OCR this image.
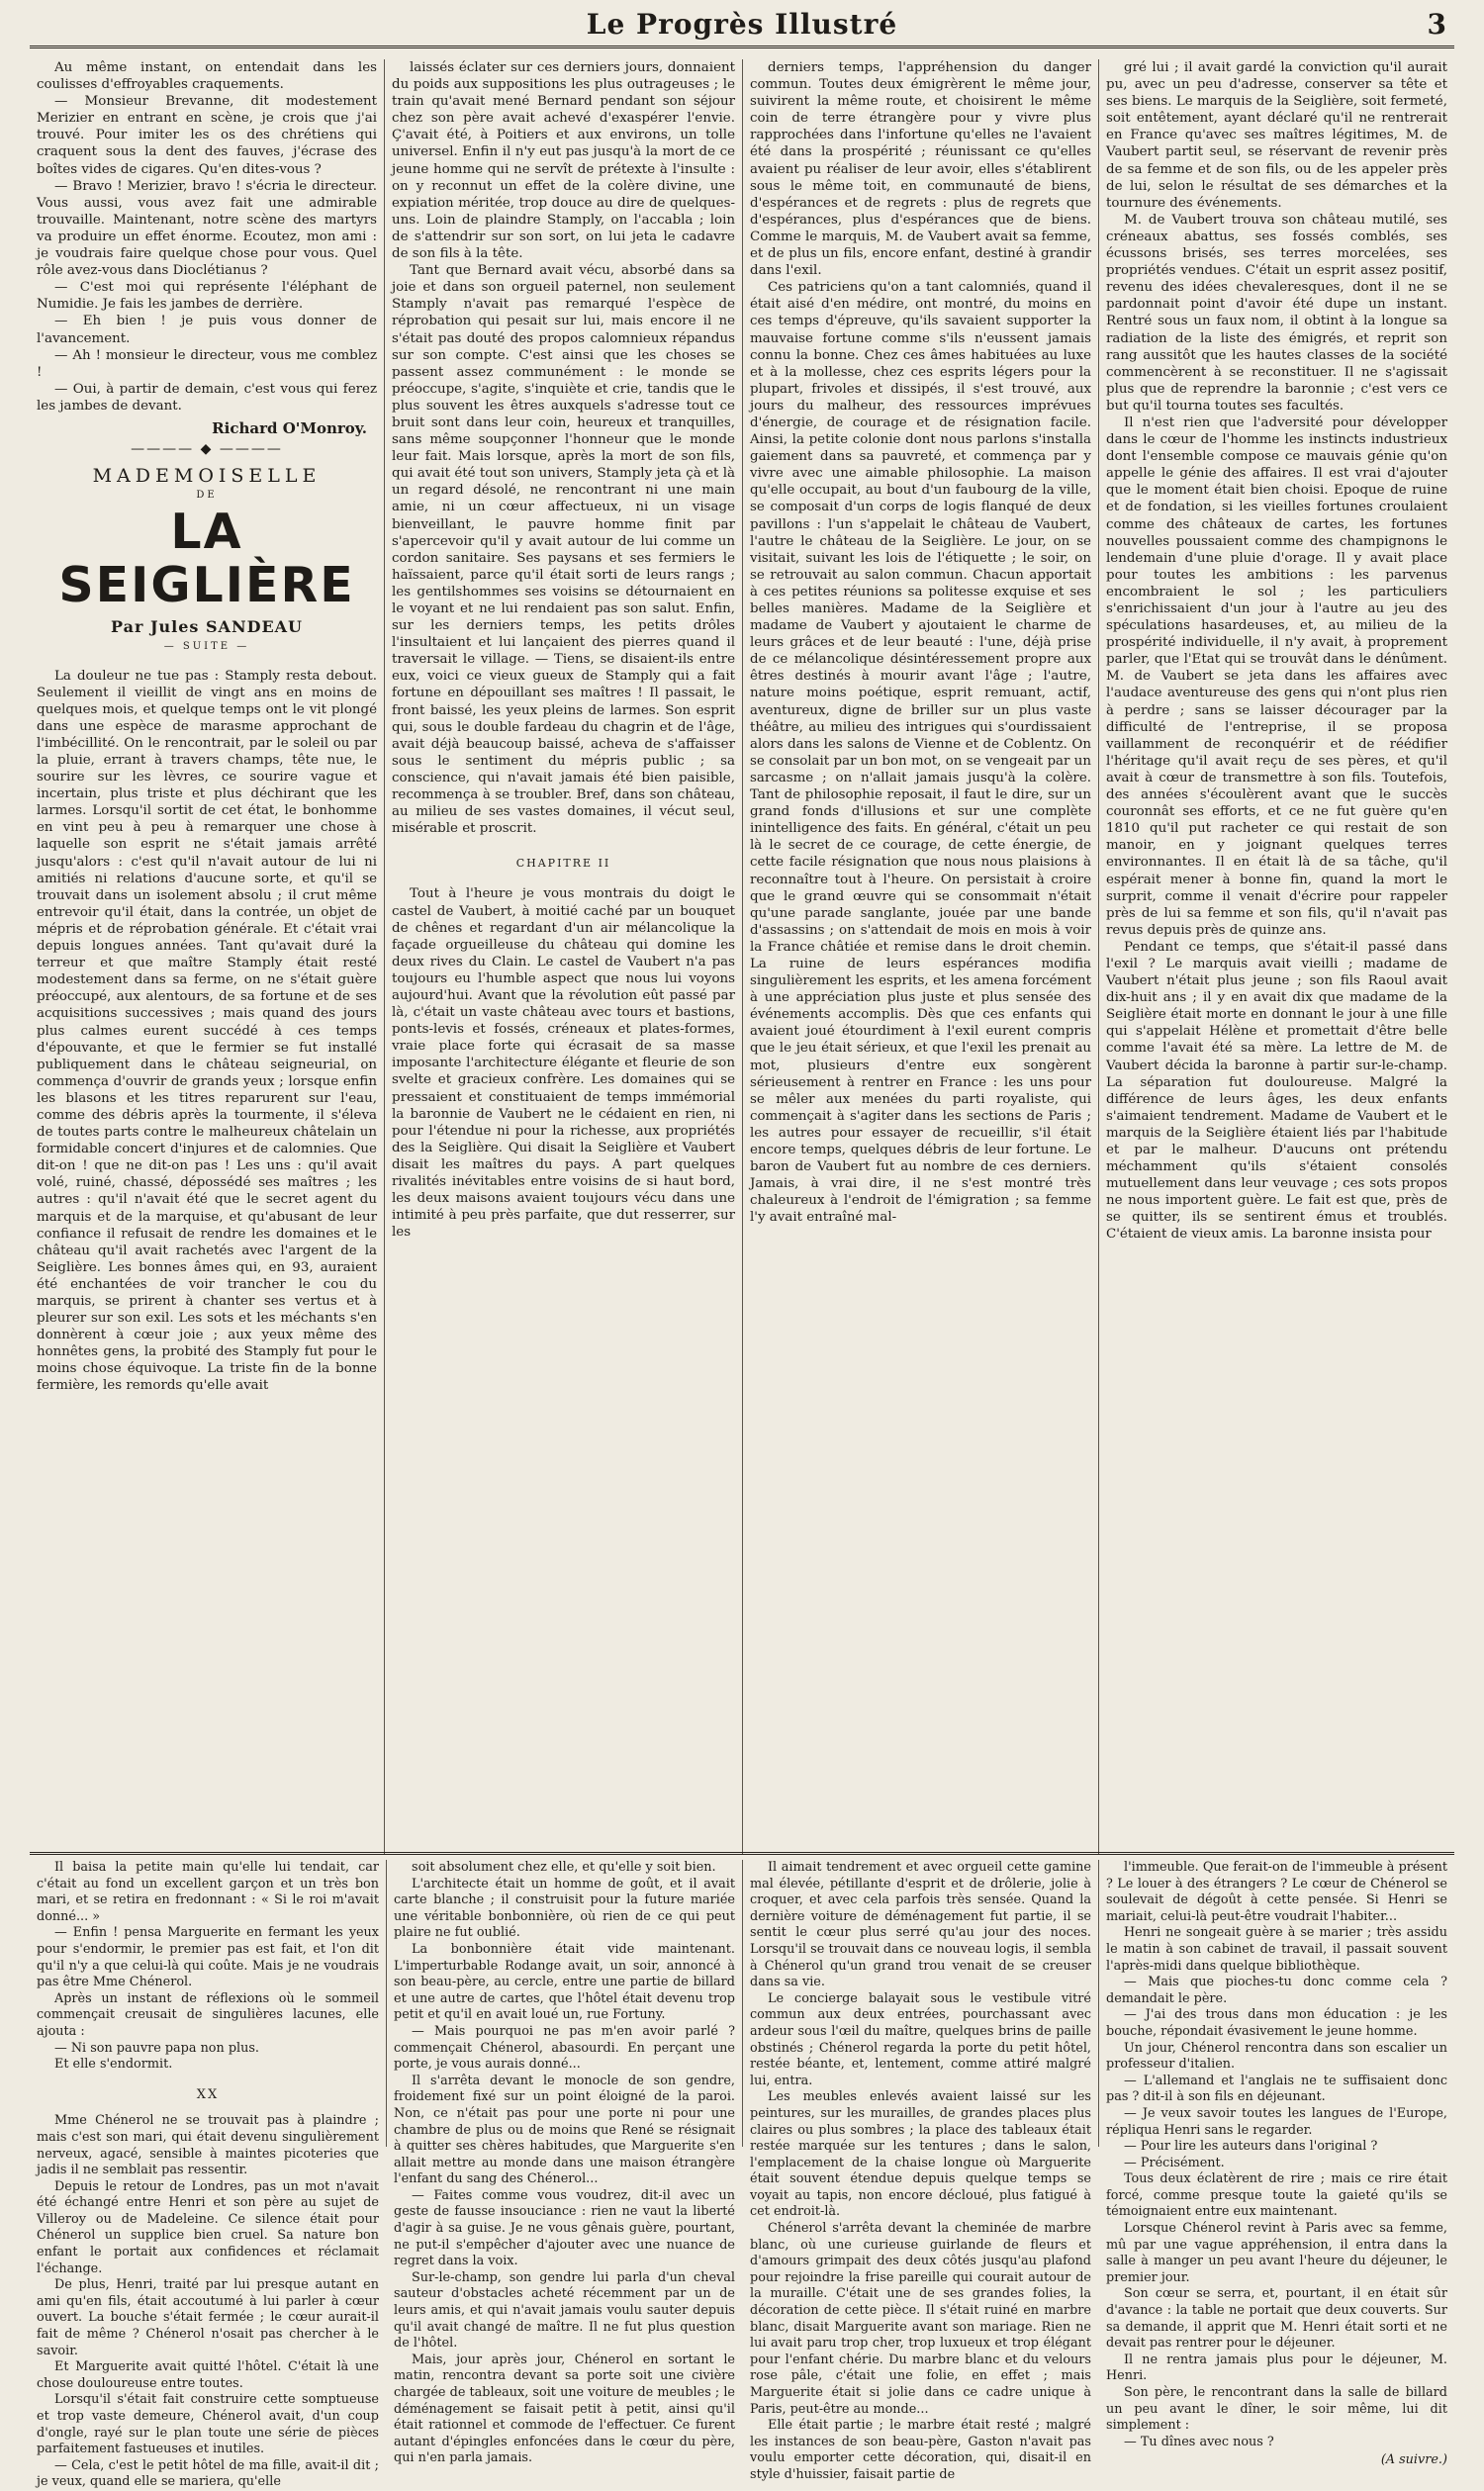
Le Progrès Illustré	3

Au même instant, on entendait dans les coulisses d'effroyables craquements.

— Monsieur Brevanne, dit modestement Merizier en entrant en scène, je crois que j'ai trouvé. Pour imiter les os des chrétiens qui craquent sous la dent des fauves, j'écrase des boîtes vides de cigares. Qu'en dites-vous ?

— Bravo ! Merizier, bravo ! s'écria le directeur. Vous aussi, vous avez fait une admirable trouvaille. Maintenant, notre scène des martyrs va produire un effet énorme. Ecoutez, mon ami : je voudrais faire quelque chose pour vous. Quel rôle avez-vous dans Dioclétianus ?

— C'est moi qui représente l'éléphant de Numidie. Je fais les jambes de derrière.

— Eh bien ! je puis vous donner de l'avancement.

— Ah ! monsieur le directeur, vous me comblez !

— Oui, à partir de demain, c'est vous qui ferez les jambes de devant.

Richard O'Monroy.
———— ◆ ————
MADEMOISELLE
DE
LA SEIGLIÈRE
Par Jules SANDEAU
— SUITE —

La douleur ne tue pas : Stamply resta debout. Seulement il vieillit de vingt ans en moins de quelques mois, et quelque temps ont le vit plongé dans une espèce de marasme approchant de l'imbécillité. On le rencontrait, par le soleil ou par la pluie, errant à travers champs, tête nue, le sourire sur les lèvres, ce sourire vague et incertain, plus triste et plus déchirant que les larmes. Lorsqu'il sortit de cet état, le bonhomme en vint peu à peu à remarquer une chose à laquelle son esprit ne s'était jamais arrêté jusqu'alors : c'est qu'il n'avait autour de lui ni amitiés ni relations d'aucune sorte, et qu'il se trouvait dans un isolement absolu ; il crut même entrevoir qu'il était, dans la contrée, un objet de mépris et de réprobation générale. Et c'était vrai depuis longues années. Tant qu'avait duré la terreur et que maître Stamply était resté modestement dans sa ferme, on ne s'était guère préoccupé, aux alentours, de sa fortune et de ses acquisitions successives ; mais quand des jours plus calmes eurent succédé à ces temps d'épouvante, et que le fermier se fut installé publiquement dans le château seigneurial, on commença d'ouvrir de grands yeux ; lorsque enfin les blasons et les titres reparurent sur l'eau, comme des débris après la tourmente, il s'éleva de toutes parts contre le malheureux châtelain un formidable concert d'injures et de calomnies. Que dit-on ! que ne dit-on pas ! Les uns : qu'il avait volé, ruiné, chassé, dépossédé ses maîtres ; les autres : qu'il n'avait été que le secret agent du marquis et de la marquise, et qu'abusant de leur confiance il refusait de rendre les domaines et le château qu'il avait rachetés avec l'argent de la Seiglière. Les bonnes âmes qui, en 93, auraient été enchantées de voir trancher le cou du marquis, se prirent à chanter ses vertus et à pleurer sur son exil. Les sots et les méchants s'en donnèrent à cœur joie ; aux yeux même des honnêtes gens, la probité des Stamply fut pour le moins chose équivoque. La triste fin de la bonne fermière, les remords qu'elle avait

laissés éclater sur ces derniers jours, donnaient du poids aux suppositions les plus outrageuses ; le train qu'avait mené Bernard pendant son séjour chez son père avait achevé d'exaspérer l'envie. Ç'avait été, à Poitiers et aux environs, un tolle universel. Enfin il n'y eut pas jusqu'à la mort de ce jeune homme qui ne servît de prétexte à l'insulte : on y reconnut un effet de la colère divine, une expiation méritée, trop douce au dire de quelques-uns. Loin de plaindre Stamply, on l'accabla ; loin de s'attendrir sur son sort, on lui jeta le cadavre de son fils à la tête.

Tant que Bernard avait vécu, absorbé dans sa joie et dans son orgueil paternel, non seulement Stamply n'avait pas remarqué l'espèce de réprobation qui pesait sur lui, mais encore il ne s'était pas douté des propos calomnieux répandus sur son compte. C'est ainsi que les choses se passent assez communément : le monde se préoccupe, s'agite, s'inquiète et crie, tandis que le plus souvent les êtres auxquels s'adresse tout ce bruit sont dans leur coin, heureux et tranquilles, sans même soupçonner l'honneur que le monde leur fait. Mais lorsque, après la mort de son fils, qui avait été tout son univers, Stamply jeta çà et là un regard désolé, ne rencontrant ni une main amie, ni un cœur affectueux, ni un visage bienveillant, le pauvre homme finit par s'apercevoir qu'il y avait autour de lui comme un cordon sanitaire. Ses paysans et ses fermiers le haïssaient, parce qu'il était sorti de leurs rangs ; les gentilshommes ses voisins se détournaient en le voyant et ne lui rendaient pas son salut. Enfin, sur les derniers temps, les petits drôles l'insultaient et lui lançaient des pierres quand il traversait le village. — Tiens, se disaient-ils entre eux, voici ce vieux gueux de Stamply qui a fait fortune en dépouillant ses maîtres ! Il passait, le front baissé, les yeux pleins de larmes. Son esprit qui, sous le double fardeau du chagrin et de l'âge, avait déjà beaucoup baissé, acheva de s'affaisser sous le sentiment du mépris public ; sa conscience, qui n'avait jamais été bien paisible, recommença à se troubler. Bref, dans son château, au milieu de ses vastes domaines, il vécut seul, misérable et proscrit.

CHAPITRE II

Tout à l'heure je vous montrais du doigt le castel de Vaubert, à moitié caché par un bouquet de chênes et regardant d'un air mélancolique la façade orgueilleuse du château qui domine les deux rives du Clain. Le castel de Vaubert n'a pas toujours eu l'humble aspect que nous lui voyons aujourd'hui. Avant que la révolution eût passé par là, c'était un vaste château avec tours et bastions, ponts-levis et fossés, créneaux et plates-formes, vraie place forte qui écrasait de sa masse imposante l'architecture élégante et fleurie de son svelte et gracieux confrère. Les domaines qui se pressaient et constituaient de temps immémorial la baronnie de Vaubert ne le cédaient en rien, ni pour l'étendue ni pour la richesse, aux propriétés des la Seiglière. Qui disait la Seiglière et Vaubert disait les maîtres du pays. A part quelques rivalités inévitables entre voisins de si haut bord, les deux maisons avaient toujours vécu dans une intimité à peu près parfaite, que dut resserrer, sur les

derniers temps, l'appréhension du danger commun. Toutes deux émigrèrent le même jour, suivirent la même route, et choisirent le même coin de terre étrangère pour y vivre plus rapprochées dans l'infortune qu'elles ne l'avaient été dans la prospérité ; réunissant ce qu'elles avaient pu réaliser de leur avoir, elles s'établirent sous le même toit, en communauté de biens, d'espérances et de regrets : plus de regrets que d'espérances, plus d'espérances que de biens. Comme le marquis, M. de Vaubert avait sa femme, et de plus un fils, encore enfant, destiné à grandir dans l'exil.

Ces patriciens qu'on a tant calomniés, quand il était aisé d'en médire, ont montré, du moins en ces temps d'épreuve, qu'ils savaient supporter la mauvaise fortune comme s'ils n'eussent jamais connu la bonne. Chez ces âmes habituées au luxe et à la mollesse, chez ces esprits légers pour la plupart, frivoles et dissipés, il s'est trouvé, aux jours du malheur, des ressources imprévues d'énergie, de courage et de résignation facile. Ainsi, la petite colonie dont nous parlons s'installa gaiement dans sa pauvreté, et commença par y vivre avec une aimable philosophie. La maison qu'elle occupait, au bout d'un faubourg de la ville, se composait d'un corps de logis flanqué de deux pavillons : l'un s'appelait le château de Vaubert, l'autre le château de la Seiglière. Le jour, on se visitait, suivant les lois de l'étiquette ; le soir, on se retrouvait au salon commun. Chacun apportait à ces petites réunions sa politesse exquise et ses belles manières. Madame de la Seiglière et madame de Vaubert y ajoutaient le charme de leurs grâces et de leur beauté : l'une, déjà prise de ce mélancolique désintéressement propre aux êtres destinés à mourir avant l'âge ; l'autre, nature moins poétique, esprit remuant, actif, aventureux, digne de briller sur un plus vaste théâtre, au milieu des intrigues qui s'ourdissaient alors dans les salons de Vienne et de Coblentz. On se consolait par un bon mot, on se vengeait par un sarcasme ; on n'allait jamais jusqu'à la colère. Tant de philosophie reposait, il faut le dire, sur un grand fonds d'illusions et sur une complète inintelligence des faits. En général, c'était un peu là le secret de ce courage, de cette énergie, de cette facile résignation que nous nous plaisions à reconnaître tout à l'heure. On persistait à croire que le grand œuvre qui se consommait n'était qu'une parade sanglante, jouée par une bande d'assassins ; on s'attendait de mois en mois à voir la France châtiée et remise dans le droit chemin. La ruine de leurs espérances modifia singulièrement les esprits, et les amena forcément à une appréciation plus juste et plus sensée des événements accomplis. Dès que ces enfants qui avaient joué étourdiment à l'exil eurent compris que le jeu était sérieux, et que l'exil les prenait au mot, plusieurs d'entre eux songèrent sérieusement à rentrer en France : les uns pour se mêler aux menées du parti royaliste, qui commençait à s'agiter dans les sections de Paris ; les autres pour essayer de recueillir, s'il était encore temps, quelques débris de leur fortune. Le baron de Vaubert fut au nombre de ces derniers. Jamais, à vrai dire, il ne s'est montré très chaleureux à l'endroit de l'émigration ; sa femme l'y avait entraîné mal-

gré lui ; il avait gardé la conviction qu'il aurait pu, avec un peu d'adresse, conserver sa tête et ses biens. Le marquis de la Seiglière, soit fermeté, soit entêtement, ayant déclaré qu'il ne rentrerait en France qu'avec ses maîtres légitimes, M. de Vaubert partit seul, se réservant de revenir près de sa femme et de son fils, ou de les appeler près de lui, selon le résultat de ses démarches et la tournure des événements.

M. de Vaubert trouva son château mutilé, ses créneaux abattus, ses fossés comblés, ses écussons brisés, ses terres morcelées, ses propriétés vendues. C'était un esprit assez positif, revenu des idées chevaleresques, dont il ne se pardonnait point d'avoir été dupe un instant. Rentré sous un faux nom, il obtint à la longue sa radiation de la liste des émigrés, et reprit son rang aussitôt que les hautes classes de la société commencèrent à se reconstituer. Il ne s'agissait plus que de reprendre la baronnie ; c'est vers ce but qu'il tourna toutes ses facultés.

Il n'est rien que l'adversité pour développer dans le cœur de l'homme les instincts industrieux dont l'ensemble compose ce mauvais génie qu'on appelle le génie des affaires. Il est vrai d'ajouter que le moment était bien choisi. Epoque de ruine et de fondation, si les vieilles fortunes croulaient comme des châteaux de cartes, les fortunes nouvelles poussaient comme des champignons le lendemain d'une pluie d'orage. Il y avait place pour toutes les ambitions : les parvenus encombraient le sol ; les particuliers s'enrichissaient d'un jour à l'autre au jeu des spéculations hasardeuses, et, au milieu de la prospérité individuelle, il n'y avait, à proprement parler, que l'Etat qui se trouvât dans le dénûment. M. de Vaubert se jeta dans les affaires avec l'audace aventureuse des gens qui n'ont plus rien à perdre ; sans se laisser décourager par la difficulté de l'entreprise, il se proposa vaillamment de reconquérir et de réédifier l'héritage qu'il avait reçu de ses pères, et qu'il avait à cœur de transmettre à son fils. Toutefois, des années s'écoulèrent avant que le succès couronnât ses efforts, et ce ne fut guère qu'en 1810 qu'il put racheter ce qui restait de son manoir, en y joignant quelques terres environnantes. Il en était là de sa tâche, qu'il espérait mener à bonne fin, quand la mort le surprit, comme il venait d'écrire pour rappeler près de lui sa femme et son fils, qu'il n'avait pas revus depuis près de quinze ans.

Pendant ce temps, que s'était-il passé dans l'exil ? Le marquis avait vieilli ; madame de Vaubert n'était plus jeune ; son fils Raoul avait dix-huit ans ; il y en avait dix que madame de la Seiglière était morte en donnant le jour à une fille qui s'appelait Hélène et promettait d'être belle comme l'avait été sa mère. La lettre de M. de Vaubert décida la baronne à partir sur-le-champ. La séparation fut douloureuse. Malgré la différence de leurs âges, les deux enfants s'aimaient tendrement. Madame de Vaubert et le marquis de la Seiglière étaient liés par l'habitude et par le malheur. D'aucuns ont prétendu méchamment qu'ils s'étaient consolés mutuellement dans leur veuvage ; ces sots propos ne nous importent guère. Le fait est que, près de se quitter, ils se sentirent émus et troublés. C'étaient de vieux amis. La baronne insista pour

Il baisa la petite main qu'elle lui tendait, car c'était au fond un excellent garçon et un très bon mari, et se retira en fredonnant : « Si le roi m'avait donné... »

— Enfin ! pensa Marguerite en fermant les yeux pour s'endormir, le premier pas est fait, et l'on dit qu'il n'y a que celui-là qui coûte. Mais je ne voudrais pas être Mme Chénerol.

Après un instant de réflexions où le sommeil commençait creusait de singulières lacunes, elle ajouta :

— Ni son pauvre papa non plus.

Et elle s'endormit.

XX

Mme Chénerol ne se trouvait pas à plaindre ; mais c'est son mari, qui était devenu singulièrement nerveux, agacé, sensible à maintes picoteries que jadis il ne semblait pas ressentir.

Depuis le retour de Londres, pas un mot n'avait été échangé entre Henri et son père au sujet de Villeroy ou de Madeleine. Ce silence était pour Chénerol un supplice bien cruel. Sa nature bon enfant le portait aux confidences et réclamait l'échange.

De plus, Henri, traité par lui presque autant en ami qu'en fils, était accoutumé à lui parler à cœur ouvert. La bouche s'était fermée ; le cœur aurait-il fait de même ? Chénerol n'osait pas chercher à le savoir.

Et Marguerite avait quitté l'hôtel. C'était là une chose douloureuse entre toutes.

Lorsqu'il s'était fait construire cette somptueuse et trop vaste demeure, Chénerol avait, d'un coup d'ongle, rayé sur le plan toute une série de pièces parfaitement fastueuses et inutiles.

— Cela, c'est le petit hôtel de ma fille, avait-il dit ; je veux, quand elle se mariera, qu'elle

soit absolument chez elle, et qu'elle y soit bien.

L'architecte était un homme de goût, et il avait carte blanche ; il construisit pour la future mariée une véritable bonbonnière, où rien de ce qui peut plaire ne fut oublié.

La bonbonnière était vide maintenant. L'imperturbable Rodange avait, un soir, annoncé à son beau-père, au cercle, entre une partie de billard et une autre de cartes, que l'hôtel était devenu trop petit et qu'il en avait loué un, rue Fortuny.

— Mais pourquoi ne pas m'en avoir parlé ? commençait Chénerol, abasourdi. En perçant une porte, je vous aurais donné...

Il s'arrêta devant le monocle de son gendre, froidement fixé sur un point éloigné de la paroi. Non, ce n'était pas pour une porte ni pour une chambre de plus ou de moins que René se résignait à quitter ses chères habitudes, que Marguerite s'en allait mettre au monde dans une maison étrangère l'enfant du sang des Chénerol...

— Faites comme vous voudrez, dit-il avec un geste de fausse insouciance : rien ne vaut la liberté d'agir à sa guise. Je ne vous gênais guère, pourtant, ne put-il s'empêcher d'ajouter avec une nuance de regret dans la voix.

Sur-le-champ, son gendre lui parla d'un cheval sauteur d'obstacles acheté récemment par un de leurs amis, et qui n'avait jamais voulu sauter depuis qu'il avait changé de maître. Il ne fut plus question de l'hôtel.

Mais, jour après jour, Chénerol en sortant le matin, rencontra devant sa porte soit une civière chargée de tableaux, soit une voiture de meubles ; le déménagement se faisait petit à petit, ainsi qu'il était rationnel et commode de l'effectuer. Ce furent autant d'épingles enfoncées dans le cœur du père, qui n'en parla jamais.

Il aimait tendrement et avec orgueil cette gamine mal élevée, pétillante d'esprit et de drôlerie, jolie à croquer, et avec cela parfois très sensée. Quand la dernière voiture de déménagement fut partie, il se sentit le cœur plus serré qu'au jour des noces. Lorsqu'il se trouvait dans ce nouveau logis, il sembla à Chénerol qu'un grand trou venait de se creuser dans sa vie.

Le concierge balayait sous le vestibule vitré commun aux deux entrées, pourchassant avec ardeur sous l'œil du maître, quelques brins de paille obstinés ; Chénerol regarda la porte du petit hôtel, restée béante, et, lentement, comme attiré malgré lui, entra.

Les meubles enlevés avaient laissé sur les peintures, sur les murailles, de grandes places plus claires ou plus sombres ; la place des tableaux était restée marquée sur les tentures ; dans le salon, l'emplacement de la chaise longue où Marguerite était souvent étendue depuis quelque temps se voyait au tapis, non encore décloué, plus fatigué à cet endroit-là.

Chénerol s'arrêta devant la cheminée de marbre blanc, où une curieuse guirlande de fleurs et d'amours grimpait des deux côtés jusqu'au plafond pour rejoindre la frise pareille qui courait autour de la muraille. C'était une de ses grandes folies, la décoration de cette pièce. Il s'était ruiné en marbre blanc, disait Marguerite avant son mariage. Rien ne lui avait paru trop cher, trop luxueux et trop élégant pour l'enfant chérie. Du marbre blanc et du velours rose pâle, c'était une folie, en effet ; mais Marguerite était si jolie dans ce cadre unique à Paris, peut-être au monde...

Elle était partie ; le marbre était resté ; malgré les instances de son beau-père, Gaston n'avait pas voulu emporter cette décoration, qui, disait-il en style d'huissier, faisait partie de

l'immeuble. Que ferait-on de l'immeuble à présent ? Le louer à des étrangers ? Le cœur de Chénerol se soulevait de dégoût à cette pensée. Si Henri se mariait, celui-là peut-être voudrait l'habiter...

Henri ne songeait guère à se marier ; très assidu le matin à son cabinet de travail, il passait souvent l'après-midi dans quelque bibliothèque.

— Mais que pioches-tu donc comme cela ? demandait le père.

— J'ai des trous dans mon éducation : je les bouche, répondait évasivement le jeune homme.

Un jour, Chénerol rencontra dans son escalier un professeur d'italien.

— L'allemand et l'anglais ne te suffisaient donc pas ? dit-il à son fils en déjeunant.

— Je veux savoir toutes les langues de l'Europe, répliqua Henri sans le regarder.

— Pour lire les auteurs dans l'original ?

— Précisément.

Tous deux éclatèrent de rire ; mais ce rire était forcé, comme presque toute la gaieté qu'ils se témoignaient entre eux maintenant.

Lorsque Chénerol revint à Paris avec sa femme, mû par une vague appréhension, il entra dans la salle à manger un peu avant l'heure du déjeuner, le premier jour.

Son cœur se serra, et, pourtant, il en était sûr d'avance : la table ne portait que deux couverts. Sur sa demande, il apprit que M. Henri était sorti et ne devait pas rentrer pour le déjeuner.

Il ne rentra jamais plus pour le déjeuner, M. Henri.

Son père, le rencontrant dans la salle de billard un peu avant le dîner, le soir même, lui dit simplement :

— Tu dînes avec nous ?

(A suivre.)
